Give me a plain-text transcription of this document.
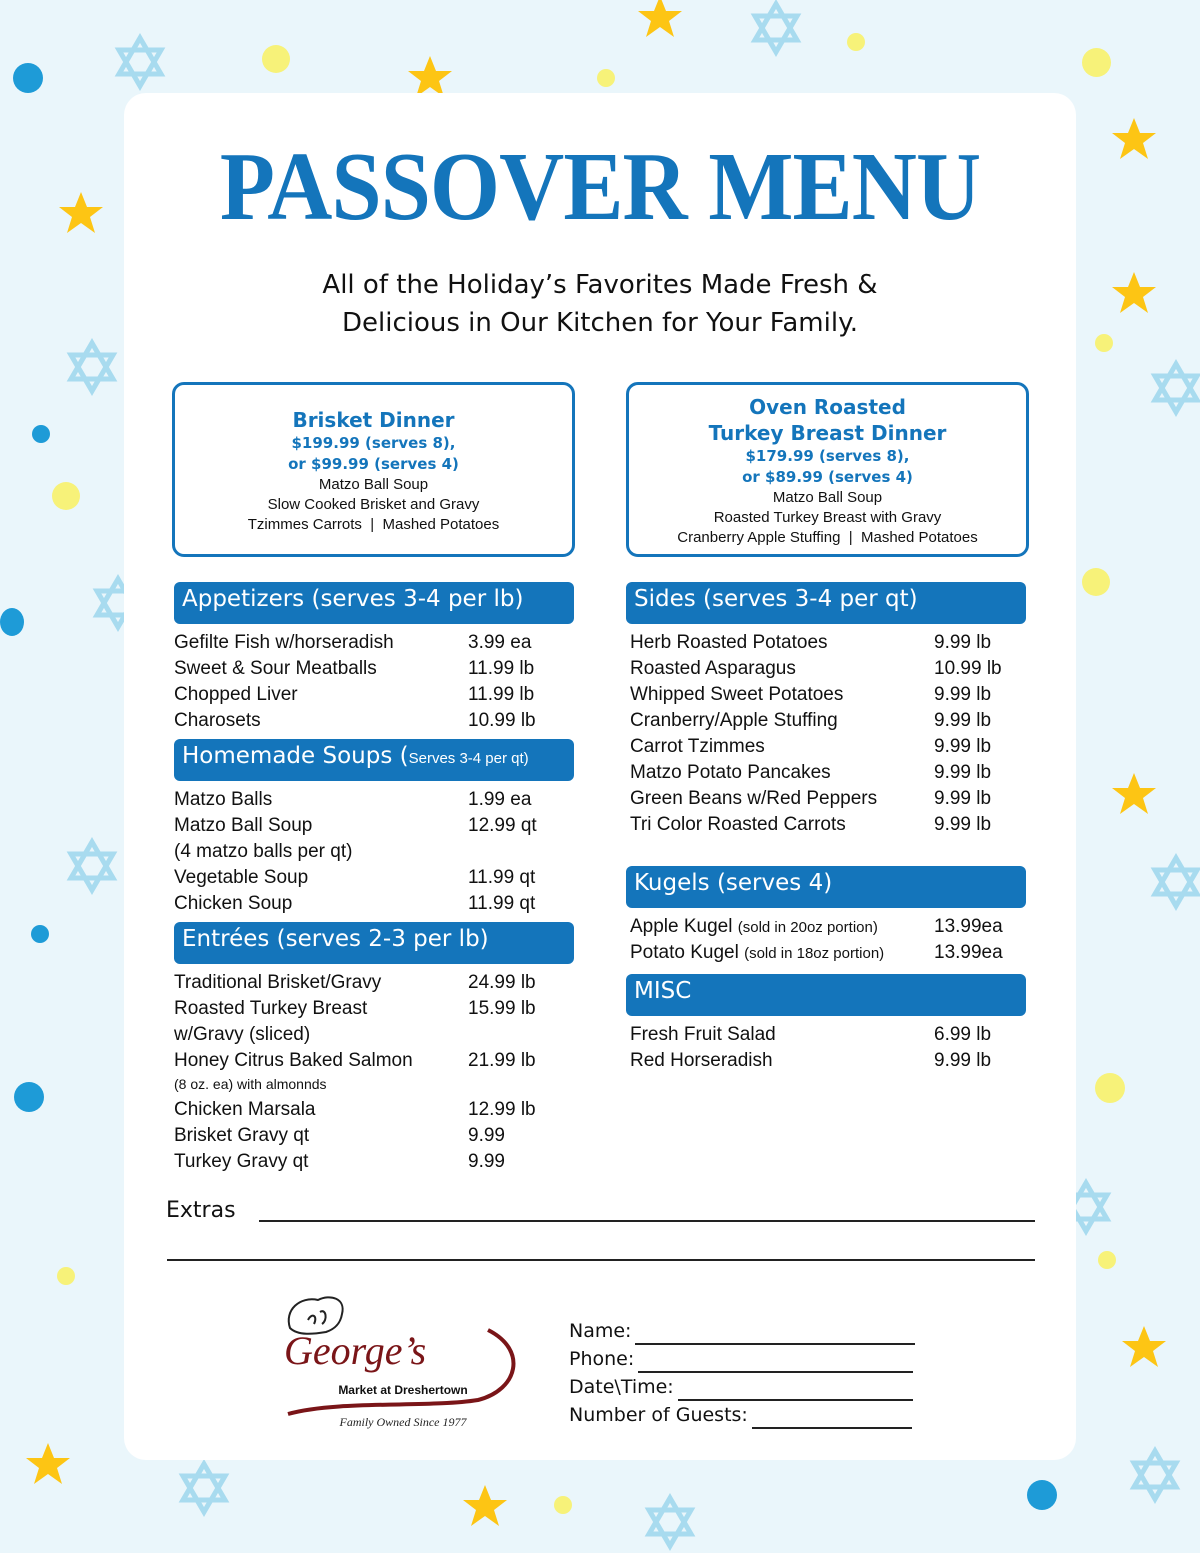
PASSOVER MENU
All of the Holiday’s Favorites Made Fresh &
Delicious in Our Kitchen for Your Family.
Brisket Dinner
$199.99 (serves 8),
or $99.99 (serves 4)
Matzo Ball Soup
Slow Cooked Brisket and Gravy
Tzimmes Carrots  |  Mashed Potatoes
Oven Roasted
Turkey Breast Dinner
$179.99 (serves 8),
or $89.99 (serves 4)
Matzo Ball Soup
Roasted Turkey Breast with Gravy
Cranberry Apple Stuffing  |  Mashed Potatoes
Appetizers (serves 3-4 per lb)
Gefilte Fish w/horseradish	3.99 ea
Sweet & Sour Meatballs	11.99 lb
Chopped Liver	11.99 lb
Charosets	10.99 lb
Homemade Soups (Serves 3-4 per qt)
Matzo Balls	1.99 ea
Matzo Ball Soup	12.99 qt
(4 matzo balls per qt)
Vegetable Soup	11.99 qt
Chicken Soup	11.99 qt
Entrées (serves 2-3 per lb)
Traditional Brisket/Gravy	24.99 lb
Roasted Turkey Breast	15.99 lb
w/Gravy (sliced)
Honey Citrus Baked Salmon	21.99 lb
(8 oz. ea) with almonnds
Chicken Marsala	12.99 lb
Brisket Gravy qt	9.99
Turkey Gravy qt	9.99
Sides (serves 3-4 per qt)
Herb Roasted Potatoes	9.99 lb
Roasted Asparagus	10.99 lb
Whipped Sweet Potatoes	9.99 lb
Cranberry/Apple Stuffing	9.99 lb
Carrot Tzimmes	9.99 lb
Matzo Potato Pancakes	9.99 lb
Green Beans w/Red Peppers	9.99 lb
Tri Color Roasted Carrots	9.99 lb
Kugels (serves 4)
Apple Kugel (sold in 20oz portion)	13.99ea
Potato Kugel (sold in 18oz portion)	13.99ea
MISC
Fresh Fruit Salad	6.99 lb
Red Horseradish	9.99 lb
Extras
George’s
Market at Dreshertown
Family Owned Since 1977
Name:
Phone:
Date\Time:
Number of Guests:
